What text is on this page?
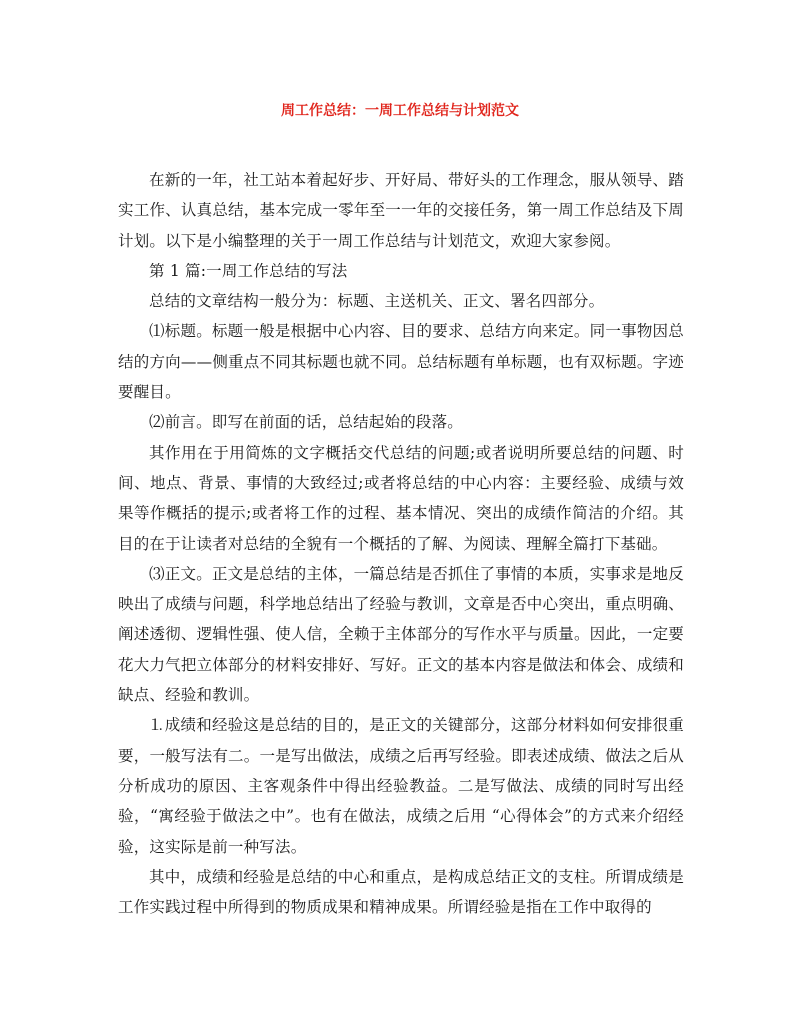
周工作总结：一周工作总结与计划范文

在新的一年，社工站本着起好步、开好局、带好头的工作理念，服从领导、踏实工作、认真总结，基本完成一零年至一一年的交接任务，第一周工作总结及下周计划。以下是小编整理的关于一周工作总结与计划范文，欢迎大家参阅。

第 1 篇:一周工作总结的写法

总结的文章结构一般分为：标题、主送机关、正文、署名四部分。

⑴标题。标题一般是根据中心内容、目的要求、总结方向来定。同一事物因总结的方向——侧重点不同其标题也就不同。总结标题有单标题，也有双标题。字迹要醒目。

⑵前言。即写在前面的话，总结起始的段落。

其作用在于用简炼的文字概括交代总结的问题;或者说明所要总结的问题、时间、地点、背景、事情的大致经过;或者将总结的中心内容：主要经验、成绩与效果等作概括的提示;或者将工作的过程、基本情况、突出的成绩作简洁的介绍。其目的在于让读者对总结的全貌有一个概括的了解、为阅读、理解全篇打下基础。

⑶正文。正文是总结的主体，一篇总结是否抓住了事情的本质，实事求是地反映出了成绩与问题，科学地总结出了经验与教训，文章是否中心突出，重点明确、阐述透彻、逻辑性强、使人信，全赖于主体部分的写作水平与质量。因此，一定要花大力气把立体部分的材料安排好、写好。正文的基本内容是做法和体会、成绩和缺点、经验和教训。

⒈成绩和经验这是总结的目的，是正文的关键部分，这部分材料如何安排很重要，一般写法有二。一是写出做法，成绩之后再写经验。即表述成绩、做法之后从分析成功的原因、主客观条件中得出经验教益。二是写做法、成绩的同时写出经验，“寓经验于做法之中”。也有在做法，成绩之后用 “心得体会”的方式来介绍经验，这实际是前一种写法。

其中，成绩和经验是总结的中心和重点，是构成总结正文的支柱。所谓成绩是工作实践过程中所得到的物质成果和精神成果。所谓经验是指在工作中取得的
